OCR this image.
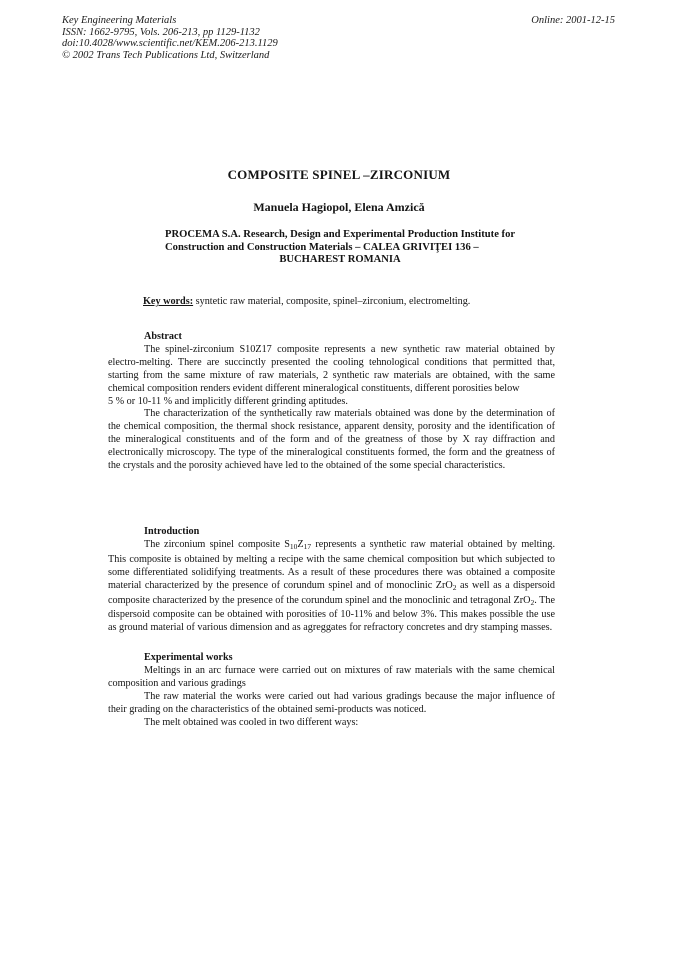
Key Engineering Materials
ISSN: 1662-9795, Vols. 206-213, pp 1129-1132
doi:10.4028/www.scientific.net/KEM.206-213.1129
© 2002 Trans Tech Publications Ltd, Switzerland
Online: 2001-12-15
COMPOSITE SPINEL –ZIRCONIUM
Manuela Hagiopol, Elena Amzică
PROCEMA S.A. Research, Design and Experimental Production Institute for
Construction and Construction Materials – CALEA GRIVIŢEI 136 –
BUCHAREST ROMANIA
Key words: syntetic raw material, composite, spinel–zirconium, electromelting.
Abstract

The spinel-zirconium S10Z17 composite represents a new synthetic raw material obtained by electro-melting. There are succinctly presented the cooling tehnological conditions that permitted that, starting from the same mixture of raw materials, 2 synthetic raw materials are obtained, with the same chemical composition renders evident different mineralogical constituents, different porosities below

5 % or 10-11 % and implicitly different grinding aptitudes.

The characterization of the synthetically raw materials obtained was done by the determination of the chemical composition, the thermal shock resistance, apparent density, porosity and the identification of the mineralogical constituents and of the form and of the greatness of those by X ray diffraction and electronically microscopy. The type of the mineralogical constituents formed, the form and the greatness of the crystals and the porosity achieved have led to the obtained of the some special characteristics.

Introduction

The zirconium spinel composite $S_{10}Z_{17}$ represents a synthetic raw material obtained by melting. This composite is obtained by melting a recipe with the same chemical composition but which subjected to some differentiated solidifying treatments. As a result of these procedures there was obtained a composite material characterized by the presence of corundum spinel and of monoclinic ZrO$_2$ as well as a dispersoid composite characterized by the presence of the corundum spinel and the monoclinic and tetragonal ZrO$_2$. The dispersoid composite can be obtained with porosities of 10-11% and below 3%. This makes possible the use as ground material of various dimension and as agreggates for refractory concretes and dry stamping masses.

Experimental works

Meltings in an arc furnace were carried out on mixtures of raw materials with the same chemical composition and various gradings

The raw material the works were caried out had various gradings because the major influence of their grading on the characteristics of the obtained semi-products was noticed.

The melt obtained was cooled in two different ways:
